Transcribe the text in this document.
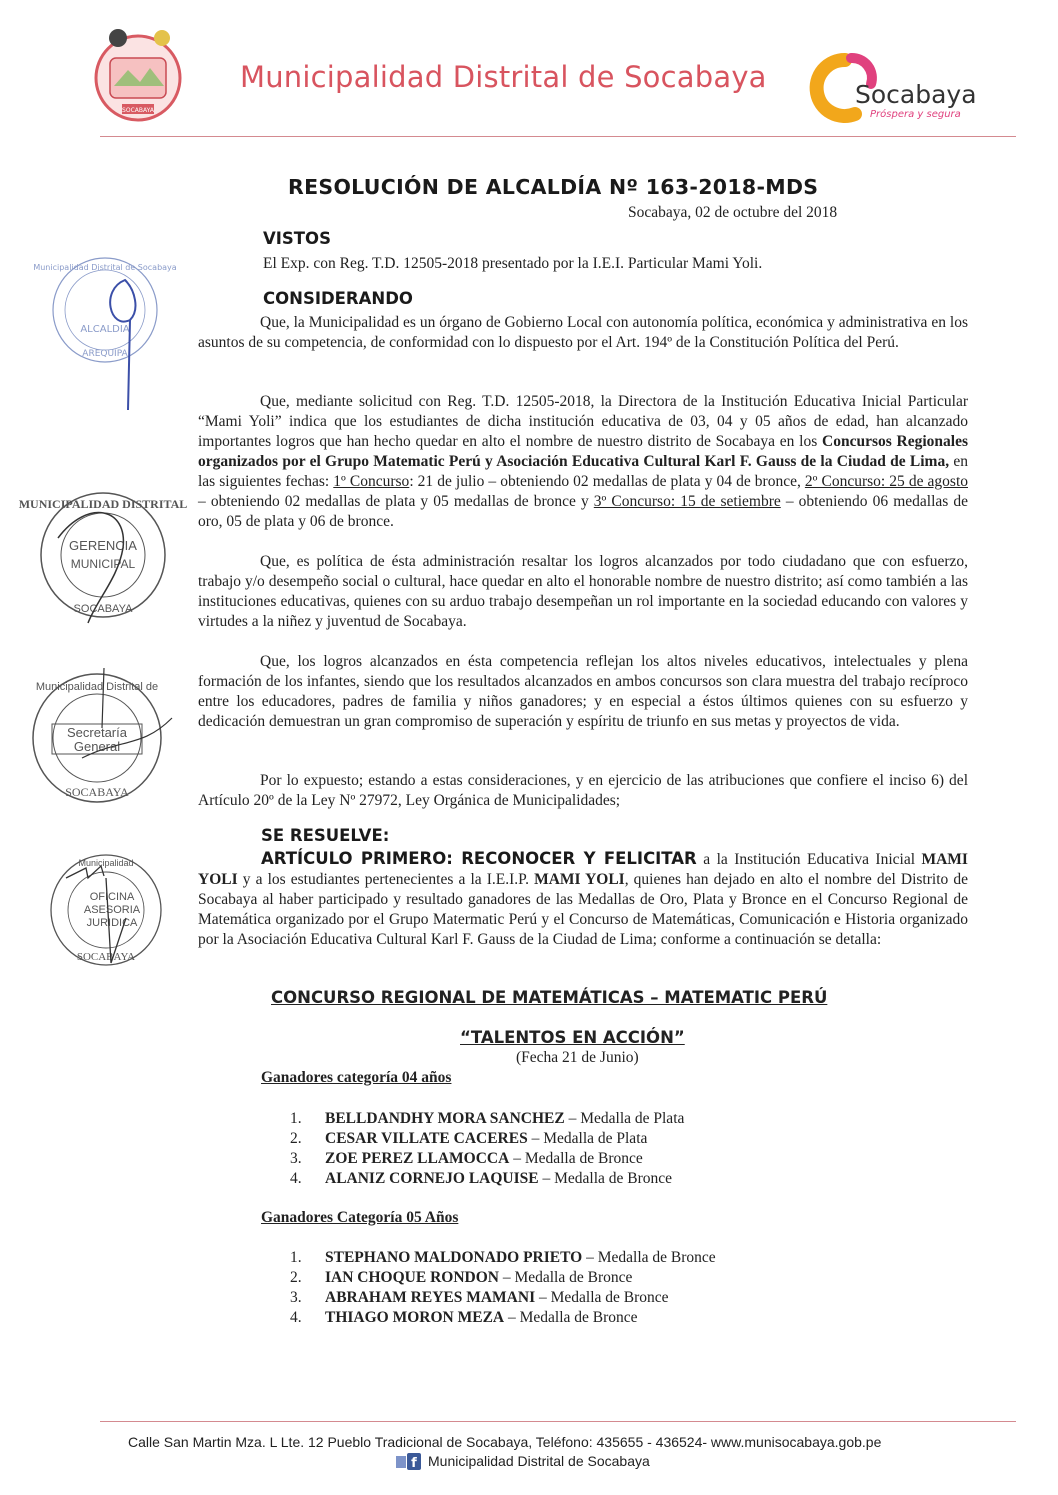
SOCABAYA
Municipalidad Distrital de Socabaya
Socabaya
Próspera y segura
RESOLUCIÓN DE ALCALDÍA Nº 163-2018-MDS
Socabaya, 02 de octubre del 2018
VISTOS
El Exp. con Reg. T.D. 12505-2018 presentado por la I.E.I. Particular Mami Yoli.
CONSIDERANDO
Que, la Municipalidad es un órgano de Gobierno Local con autonomía política, económica y administrativa en los asuntos de su competencia, de conformidad con lo dispuesto por el Art. 194º de la Constitución Política del Perú.
Que, mediante solicitud con Reg. T.D. 12505-2018, la Directora de la Institución Educativa Inicial Particular “Mami Yoli” indica que los estudiantes de dicha institución educativa de 03, 04 y 05 años de edad, han alcanzado importantes logros que han hecho quedar en alto el nombre de nuestro distrito de Socabaya en los Concursos Regionales organizados por el Grupo Matematic Perú y Asociación Educativa Cultural Karl F. Gauss de la Ciudad de Lima, en las siguientes fechas: 1º Concurso: 21 de julio – obteniendo 02 medallas de plata y 04 de bronce, 2º Concurso: 25 de agosto – obteniendo 02 medallas de plata y 05 medallas de bronce y 3º Concurso: 15 de setiembre – obteniendo 06 medallas de oro, 05 de plata y 06 de bronce.
Que, es política de ésta administración resaltar los logros alcanzados por todo ciudadano que con esfuerzo, trabajo y/o desempeño social o cultural, hace quedar en alto el honorable nombre de nuestro distrito; así como también a las instituciones educativas, quienes con su arduo trabajo desempeñan un rol importante en la sociedad educando con valores y virtudes a la niñez y juventud de Socabaya.
Que, los logros alcanzados en ésta competencia reflejan los altos niveles educativos, intelectuales y plena formación de los infantes, siendo que los resultados alcanzados en ambos concursos son clara muestra del trabajo recíproco entre los educadores, padres de familia y niños ganadores; y en especial a éstos últimos quienes con su esfuerzo y dedicación demuestran un gran compromiso de superación y espíritu de triunfo en sus metas y proyectos de vida.
Por lo expuesto; estando a estas consideraciones, y en ejercicio de las atribuciones que confiere el inciso 6) del Artículo 20º de la Ley Nº 27972, Ley Orgánica de Municipalidades;
SE RESUELVE:
ARTÍCULO PRIMERO: RECONOCER Y FELICITAR a la Institución Educativa Inicial MAMI YOLI y a los estudiantes pertenecientes a la I.E.I.P. MAMI YOLI, quienes han dejado en alto el nombre del Distrito de Socabaya al haber participado y resultado ganadores de las Medallas de Oro, Plata y Bronce en el Concurso Regional de Matemática organizado por el Grupo Matermatic Perú y el Concurso de Matemáticas, Comunicación e Historia organizado por la Asociación Educativa Cultural Karl F. Gauss de la Ciudad de Lima; conforme a continuación se detalla:
CONCURSO REGIONAL DE MATEMÁTICAS – MATEMATIC PERÚ
“TALENTOS EN ACCIÓN”
(Fecha 21 de Junio)
Ganadores categoría 04 años
1. BELLDANDHY MORA SANCHEZ – Medalla de Plata
2. CESAR VILLATE CACERES – Medalla de Plata
3. ZOE PEREZ LLAMOCCA – Medalla de Bronce
4. ALANIZ CORNEJO LAQUISE – Medalla de Bronce
Ganadores Categoría 05 Años
1. STEPHANO MALDONADO PRIETO – Medalla de Bronce
2. IAN CHOQUE RONDON – Medalla de Bronce
3. ABRAHAM REYES MAMANI – Medalla de Bronce
4. THIAGO MORON MEZA – Medalla de Bronce
Municipalidad Distrital de Socabaya
ALCALDIA
AREQUIPA
MUNICIPALIDAD DISTRITAL
GERENCIA
MUNICIPAL
SOCABAYA
Municipalidad Distrital de
Secretaría
General
SOCABAYA
Municipalidad
OFICINA
ASESORIA
JURIDICA
SOCABAYA
Calle San Martin Mza. L Lte. 12 Pueblo Tradicional de Socabaya, Teléfono: 435655 - 436524- www.munisocabaya.gob.pe
f Municipalidad Distrital de Socabaya
